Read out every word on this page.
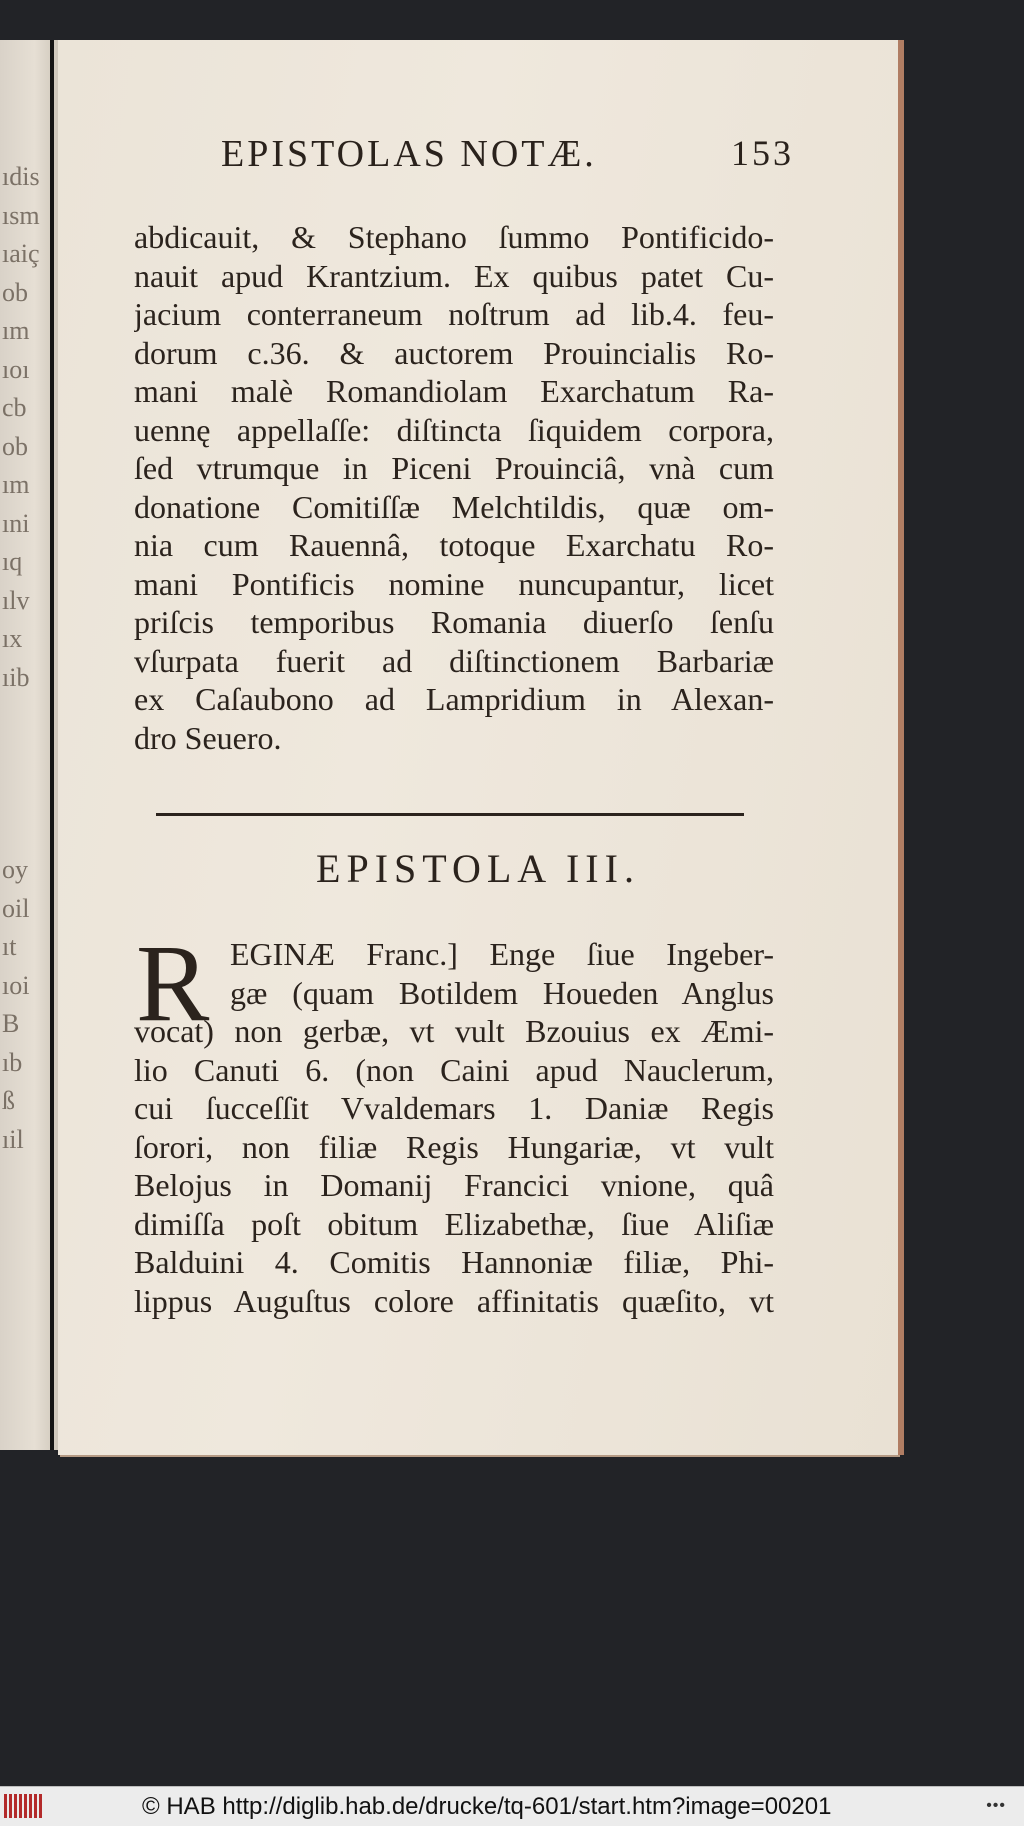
ıdis
ısm
ıaiç
ob
ım
ıoı
cb
ob
ım
ıni
ıq
ılv
ıx
ıib
oy
oil
ıt
ıoi
B
ıb
ß
ıil
EPISTOLAS NOTÆ.	153
abdicauit, & Stephano ſummo Pontificido-
nauit apud Krantzium. Ex quibus patet Cu-
jacium conterraneum noſtrum ad lib.4. feu-
dorum c.36. & auctorem Prouincialis Ro-
mani malè Romandiolam Exarchatum Ra-
uennę appellaſſe: diſtincta ſiquidem corpora,
ſed vtrumque in Piceni Prouinciâ, vnà cum
donatione Comitiſſæ Melchtildis, quæ om-
nia cum Rauennâ, totoque Exarchatu Ro-
mani Pontificis nomine nuncupantur, licet
priſcis temporibus Romania diuerſo ſenſu
vſurpata fuerit ad diſtinctionem Barbariæ
ex Caſaubono ad Lampridium in Alexan-
dro Seuero.
EPISTOLA III.
R EGINÆ Franc.] Enge ſiue Ingeber-
gæ (quam Botildem Houeden Anglus
vocat) non gerbæ, vt vult Bzouius ex Æmi-
lio Canuti 6. (non Caini apud Nauclerum,
cui ſucceſſit Vvaldemars 1. Daniæ Regis
ſorori, non filiæ Regis Hungariæ, vt vult
Belojus in Domanij Francici vnione, quâ
dimiſſa poſt obitum Elizabethæ, ſiue Aliſiæ
Balduini 4. Comitis Hannoniæ filiæ, Phi-
lippus Auguſtus colore affinitatis quæſito, vt
© HAB http://diglib.hab.de/drucke/tq-601/start.htm?image=00201	•••
